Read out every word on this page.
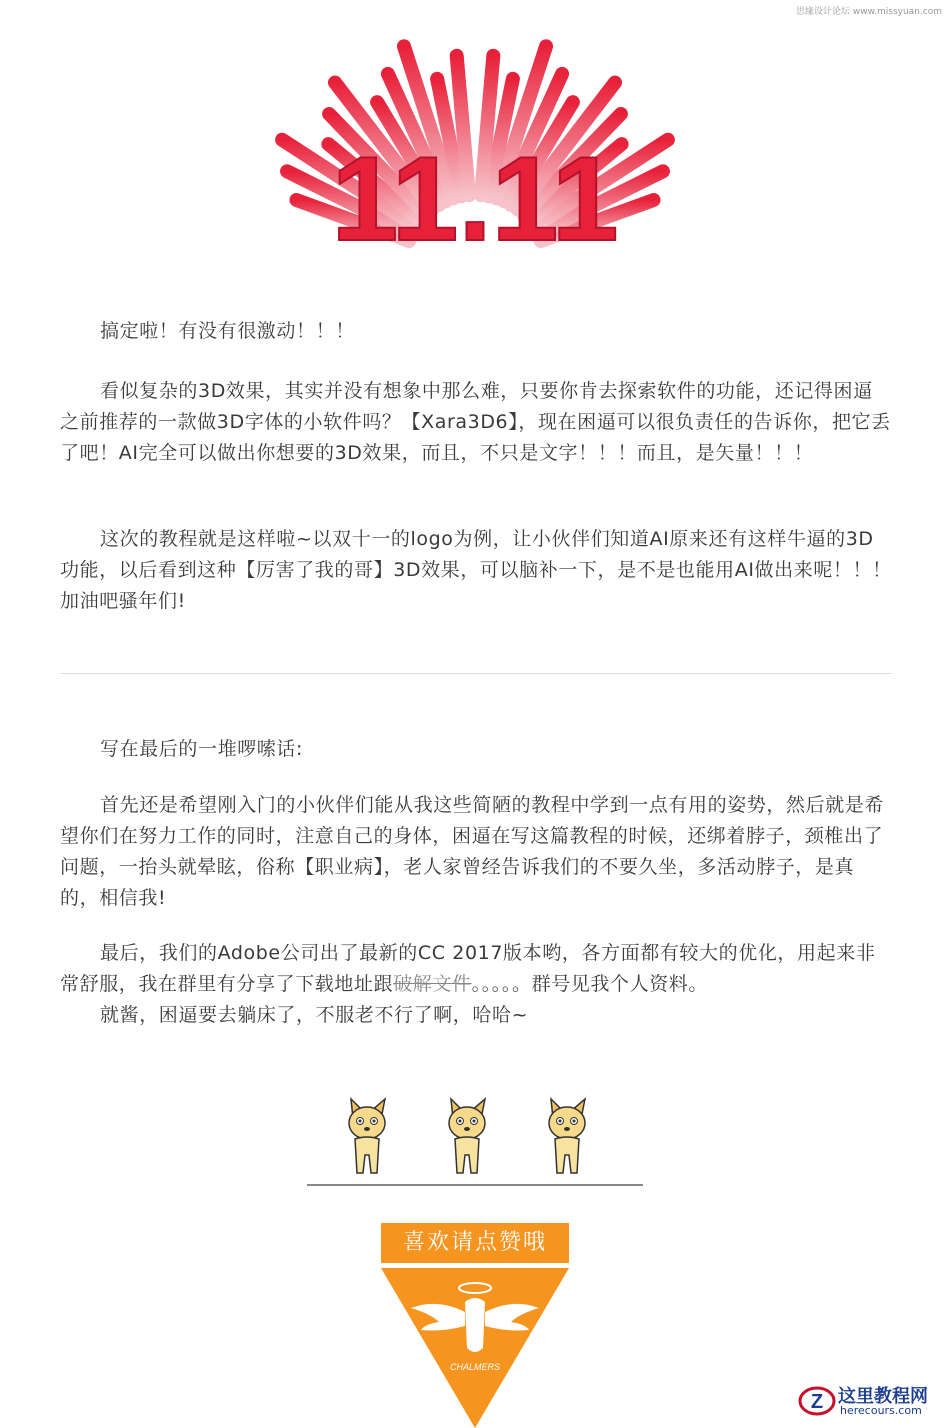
思缘设计论坛 www.missyuan.com
11.11

搞定啦！有没有很激动！！！

看似复杂的3D效果，其实并没有想象中那么难，只要你肯去探索软件的功能，还记得困逼之前推荐的一款做3D字体的小软件吗？【Xara3D6】，现在困逼可以很负责任的告诉你，把它丢了吧！AI完全可以做出你想要的3D效果，而且，不只是文字！！！而且，是矢量！！！

这次的教程就是这样啦~以双十一的logo为例，让小伙伴们知道AI原来还有这样牛逼的3D功能，以后看到这种【厉害了我的哥】3D效果，可以脑补一下，是不是也能用AI做出来呢！！！加油吧骚年们!

写在最后的一堆啰嗦话:

首先还是希望刚入门的小伙伴们能从我这些简陋的教程中学到一点有用的姿势，然后就是希望你们在努力工作的同时，注意自己的身体，困逼在写这篇教程的时候，还绑着脖子，颈椎出了问题，一抬头就晕眩，俗称【职业病】，老人家曾经告诉我们的不要久坐，多活动脖子，是真的，相信我!

最后，我们的Adobe公司出了最新的CC 2017版本哟，各方面都有较大的优化，用起来非常舒服，我在群里有分享了下载地址跟破解文件。。。。。群号见我个人资料。

就酱，困逼要去躺床了，不服老不行了啊，哈哈~

喜欢请点赞哦
CHALMERS
Z 这里教程网
herecours.com
